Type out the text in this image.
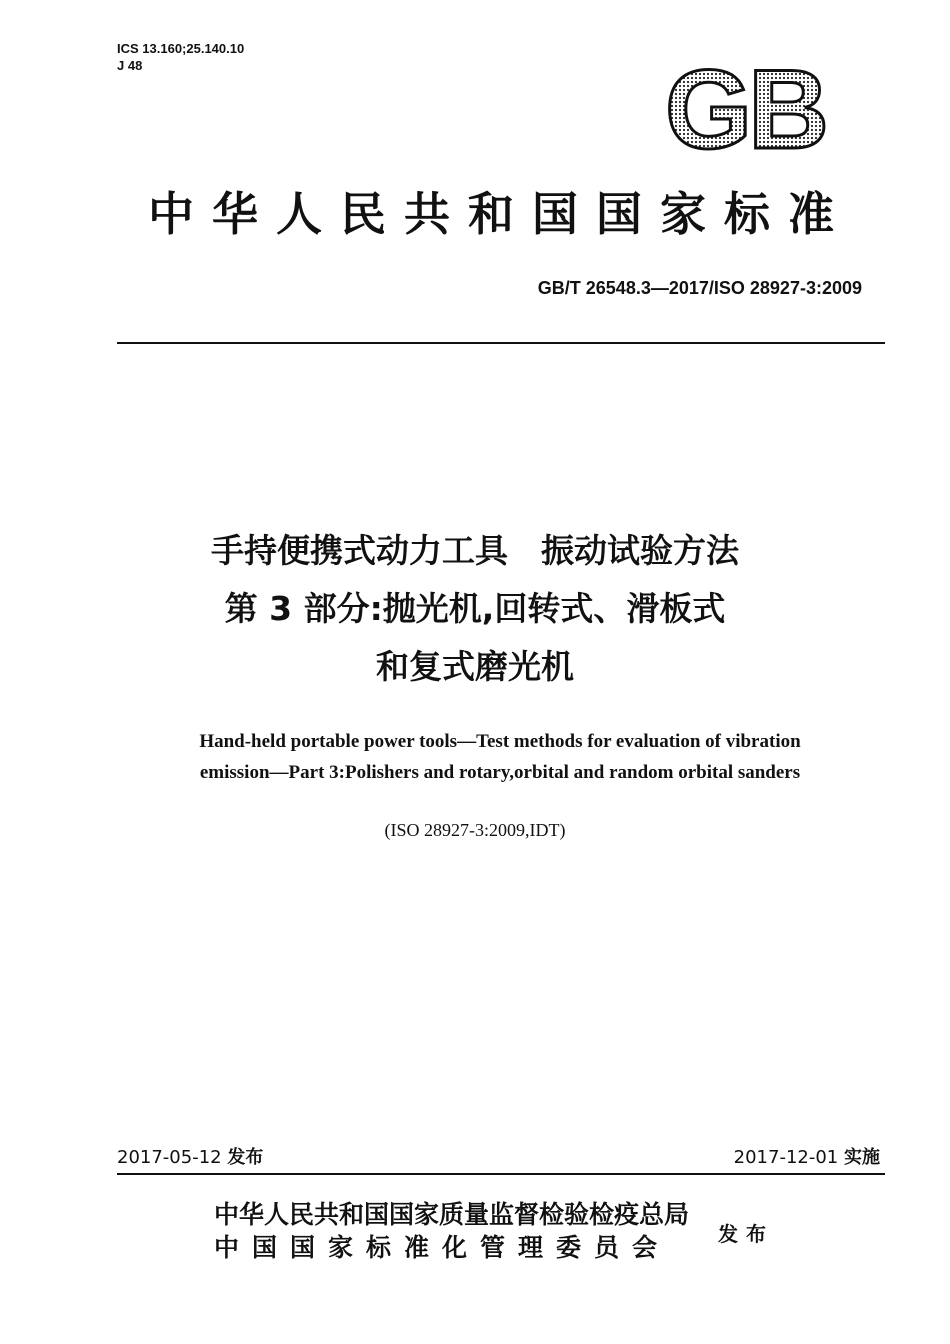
ICS 13.160;25.140.10
J 48	GB
中华人民共和国国家标准
GB/T 26548.3—2017/ISO 28927-3:2009
手持便携式动力工具　振动试验方法
第 3 部分:抛光机,回转式、滑板式
和复式磨光机
Hand-held portable power tools—Test methods for evaluation of vibration
emission—Part 3:Polishers and rotary,orbital and random orbital sanders
(ISO 28927-3:2009,IDT)
2017-05-12 发布	2017-12-01 实施
中华人民共和国国家质量监督检验检疫总局
中国国家标准化管理委员会	发布
